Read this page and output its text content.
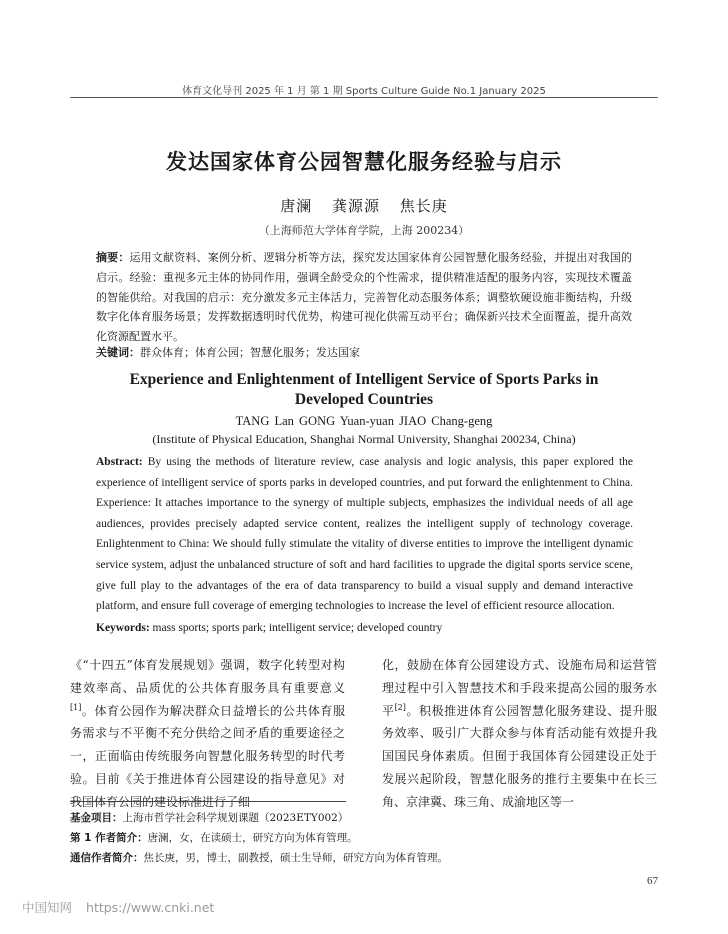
体育文化导刊 2025 年 1 月 第 1 期 Sports Culture Guide No.1 January 2025
发达国家体育公园智慧化服务经验与启示
唐澜 龚源源 焦长庚
（上海师范大学体育学院，上海 200234）
摘要：运用文献资料、案例分析、逻辑分析等方法，探究发达国家体育公园智慧化服务经验，并提出对我国的启示。经验：重视多元主体的协同作用，强调全龄受众的个性需求，提供精准适配的服务内容，实现技术覆盖的智能供给。对我国的启示：充分激发多元主体活力，完善智化动态服务体系；调整软硬设施非衡结构，升级数字化体育服务场景；发挥数据透明时代优势，构建可视化供需互动平台；确保新兴技术全面覆盖，提升高效化资源配置水平。
关键词：群众体育；体育公园；智慧化服务；发达国家
Experience and Enlightenment of Intelligent Service of Sports Parks in Developed Countries
TANG Lan GONG Yuan-yuan JIAO Chang-geng
(Institute of Physical Education, Shanghai Normal University, Shanghai 200234, China)
Abstract: By using the methods of literature review, case analysis and logic analysis, this paper explored the experience of intelligent service of sports parks in developed countries, and put forward the enlightenment to China. Experience: It attaches importance to the synergy of multiple subjects, emphasizes the individual needs of all age audiences, provides precisely adapted service content, realizes the intelligent supply of technology coverage. Enlightenment to China: We should fully stimulate the vitality of diverse entities to improve the intelligent dynamic service system, adjust the unbalanced structure of soft and hard facilities to upgrade the digital sports service scene, give full play to the advantages of the era of data transparency to build a visual supply and demand interactive platform, and ensure full coverage of emerging technologies to increase the level of efficient resource allocation.
Keywords: mass sports; sports park; intelligent service; developed country
《“十四五”体育发展规划》强调，数字化转型对构建效率高、品质优的公共体育服务具有重要意义[1]。体育公园作为解决群众日益增长的公共体育服务需求与不平衡不充分供给之间矛盾的重要途径之一，正面临由传统服务向智慧化服务转型的时代考验。目前《关于推进体育公园建设的指导意见》对我国体育公园的建设标准进行了细
化，鼓励在体育公园建设方式、设施布局和运营管理过程中引入智慧技术和手段来提高公园的服务水平[2]。积极推进体育公园智慧化服务建设、提升服务效率、吸引广大群众参与体育活动能有效提升我国国民身体素质。但囿于我国体育公园建设正处于发展兴起阶段，智慧化服务的推行主要集中在长三角、京津冀、珠三角、成渝地区等一
基金项目：上海市哲学社会科学规划课题（2023ETY002）
第 1 作者简介：唐澜，女，在读硕士，研究方向为体育管理。
通信作者简介：焦长庚，男，博士，副教授，硕士生导师，研究方向为体育管理。
67
中国知网 https://www.cnki.net
